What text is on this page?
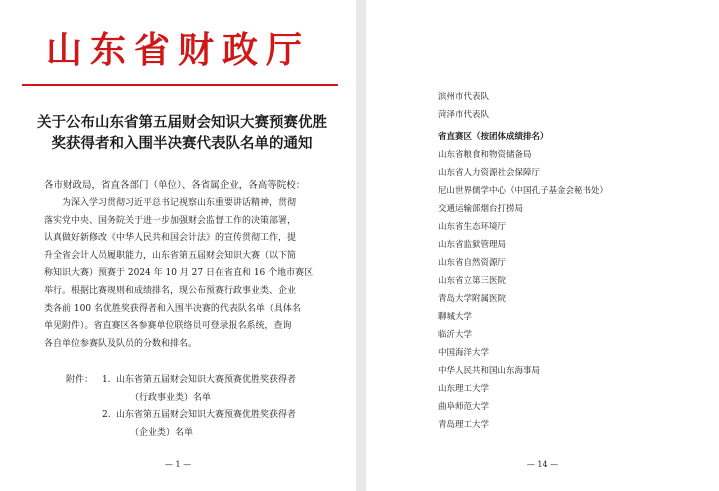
山东省财政厅
关于公布山东省第五届财会知识大赛预赛优胜
奖获得者和入围半决赛代表队名单的通知
各市财政局，省直各部门（单位）、各省属企业，各高等院校：
为深入学习贯彻习近平总书记视察山东重要讲话精神，贯彻
落实党中央、国务院关于进一步加强财会监督工作的决策部署，
认真做好新修改《中华人民共和国会计法》的宣传贯彻工作，提
升全省会计人员履职能力，山东省第五届财会知识大赛（以下简
称知识大赛）预赛于 2024 年 10 月 27 日在省直和 16 个地市赛区
举行。根据比赛规则和成绩排名，现公布预赛行政事业类、企业
类各前 100 名优胜奖获得者和入围半决赛的代表队名单（具体名
单见附件）。省直赛区各参赛单位联络员可登录报名系统，查询
各自单位参赛队及队员的分数和排名。
附件： 1. 山东省第五届财会知识大赛预赛优胜奖获得者
（行政事业类）名单
2. 山东省第五届财会知识大赛预赛优胜奖获得者
（企业类）名单
— 1 —
滨州市代表队
菏泽市代表队
省直赛区（按团体成绩排名）
山东省粮食和物资储备局
山东省人力资源社会保障厅
尼山世界儒学中心（中国孔子基金会秘书处）
交通运输部烟台打捞局
山东省生态环境厅
山东省监狱管理局
山东省自然资源厅
山东省立第三医院
青岛大学附属医院
聊城大学
临沂大学
中国海洋大学
中华人民共和国山东海事局
山东理工大学
曲阜师范大学
青岛理工大学
— 14 —
